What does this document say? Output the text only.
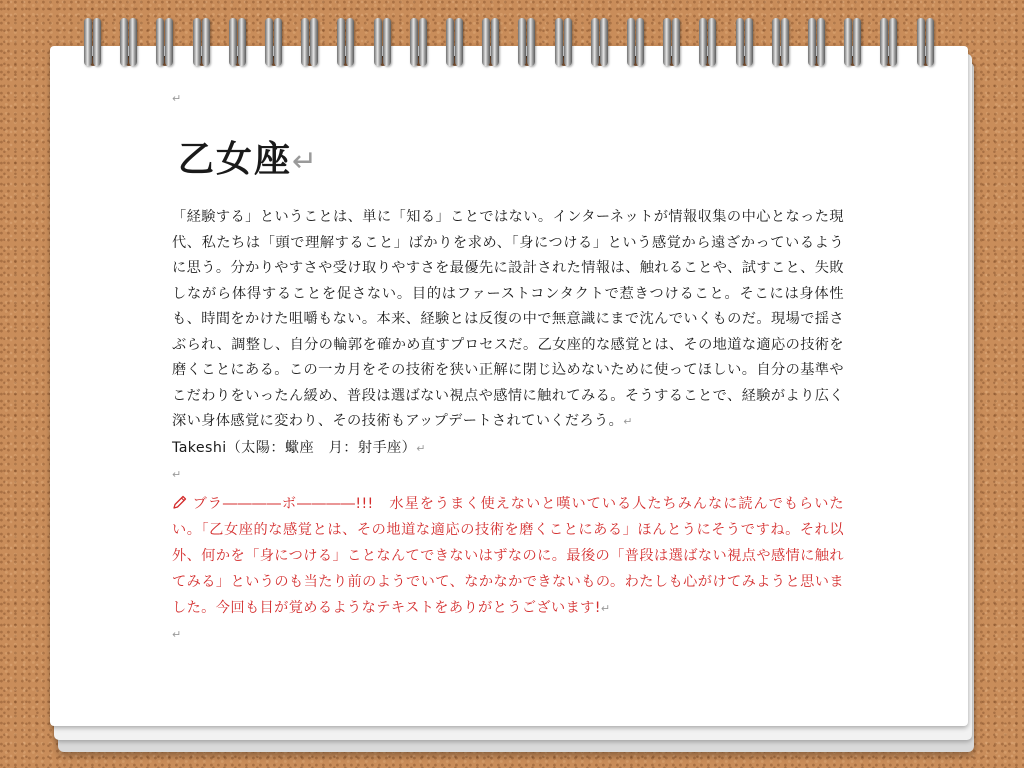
↵
乙女座↵
「経験する」ということは、単に「知る」ことではない。インターネットが情報収集の中心となった現代、私たちは「頭で理解すること」ばかりを求め、「身につける」という感覚から遠ざかっているように思う。分かりやすさや受け取りやすさを最優先に設計された情報は、触れることや、試すこと、失敗しながら体得することを促さない。目的はファーストコンタクトで惹きつけること。そこには身体性も、時間をかけた咀嚼もない。本来、経験とは反復の中で無意識にまで沈んでいくものだ。現場で揺さぶられ、調整し、自分の輪郭を確かめ直すプロセスだ。乙女座的な感覚とは、その地道な適応の技術を磨くことにある。この一カ月をその技術を狭い正解に閉じ込めないために使ってほしい。自分の基準やこだわりをいったん緩め、普段は選ばない視点や感情に触れてみる。そうすることで、経験がより広く深い身体感覚に変わり、その技術もアップデートされていくだろう。↵
Takeshi（太陽：蠍座　月：射手座）↵
↵
ブラ――――ボ――――!!!　水星をうまく使えないと嘆いている人たちみんなに読んでもらいたい。「乙女座的な感覚とは、その地道な適応の技術を磨くことにある」ほんとうにそうですね。それ以外、何かを「身につける」ことなんてできないはずなのに。最後の「普段は選ばない視点や感情に触れてみる」というのも当たり前のようでいて、なかなかできないもの。わたしも心がけてみようと思いました。今回も目が覚めるようなテキストをありがとうございます!↵
↵
